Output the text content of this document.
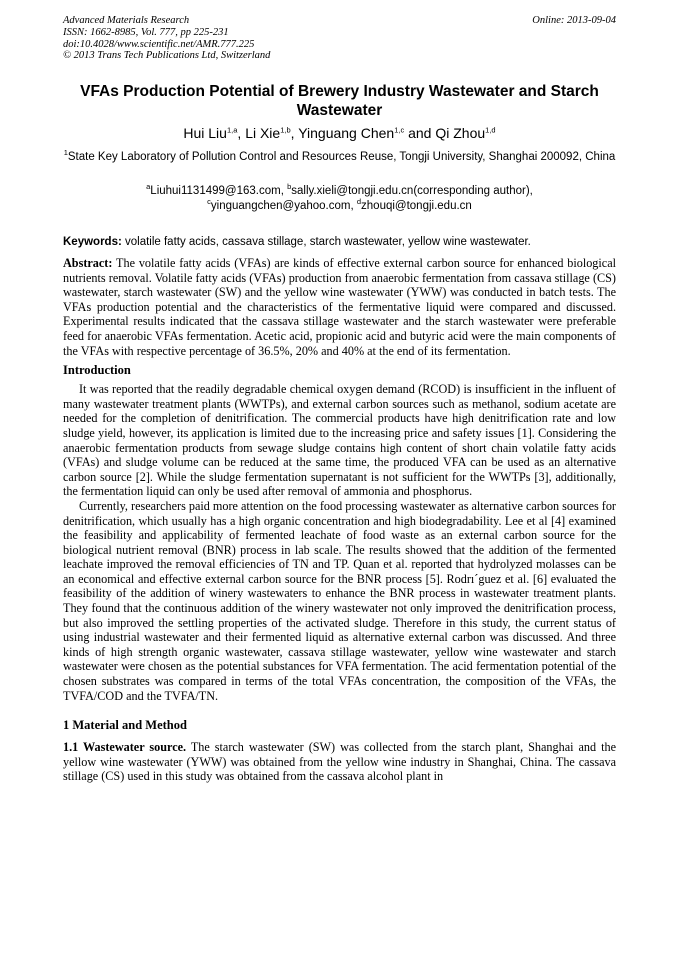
Advanced Materials Research
ISSN: 1662-8985, Vol. 777, pp 225-231
doi:10.4028/www.scientific.net/AMR.777.225
© 2013 Trans Tech Publications Ltd, Switzerland
Online: 2013-09-04
VFAs Production Potential of Brewery Industry Wastewater and Starch Wastewater
Hui Liu$^{1,a}$, Li Xie$^{1,b}$, Yinguang Chen$^{1,c}$ and Qi Zhou$^{1,d}$
$^1$State Key Laboratory of Pollution Control and Resources Reuse, Tongji University, Shanghai 200092, China
$^a$Liuhui1131499@163.com, $^b$sally.xieli@tongji.edu.cn(corresponding author),
$^c$yinguangchen@yahoo.com, $^d$zhouqi@tongji.edu.cn
Keywords: volatile fatty acids, cassava stillage, starch wastewater, yellow wine wastewater.

Abstract: The volatile fatty acids (VFAs) are kinds of effective external carbon source for enhanced biological nutrients removal. Volatile fatty acids (VFAs) production from anaerobic fermentation from cassava stillage (CS) wastewater, starch wastewater (SW) and the yellow wine wastewater (YWW) was conducted in batch tests. The VFAs production potential and the characteristics of the fermentative liquid were compared and discussed. Experimental results indicated that the cassava stillage wastewater and the starch wastewater were preferable feed for anaerobic VFAs fermentation. Acetic acid, propionic acid and butyric acid were the main components of the VFAs with respective percentage of 36.5%, 20% and 40% at the end of its fermentation.

Introduction

It was reported that the readily degradable chemical oxygen demand (RCOD) is insufficient in the influent of many wastewater treatment plants (WWTPs), and external carbon sources such as methanol, sodium acetate are needed for the completion of denitrification. The commercial products have high denitrification rate and low sludge yield, however, its application is limited due to the increasing price and safety issues [1]. Considering the anaerobic fermentation products from sewage sludge contains high content of short chain volatile fatty acids (VFAs) and sludge volume can be reduced at the same time, the produced VFA can be used as an alternative carbon source [2]. While the sludge fermentation supernatant is not sufficient for the WWTPs [3], additionally, the fermentation liquid can only be used after removal of ammonia and phosphorus.

Currently, researchers paid more attention on the food processing wastewater as alternative carbon sources for denitrification, which usually has a high organic concentration and high biodegradability. Lee et al [4] examined the feasibility and applicability of fermented leachate of food waste as an external carbon source for the biological nutrient removal (BNR) process in lab scale. The results showed that the addition of the fermented leachate improved the removal efficiencies of TN and TP. Quan et al. reported that hydrolyzed molasses can be an economical and effective external carbon source for the BNR process [5]. Rodrı´guez et al. [6] evaluated the feasibility of the addition of winery wastewaters to enhance the BNR process in wastewater treatment plants. They found that the continuous addition of the winery wastewater not only improved the denitrification process, but also improved the settling properties of the activated sludge. Therefore in this study, the current status of using industrial wastewater and their fermented liquid as alternative external carbon was discussed. And three kinds of high strength organic wastewater, cassava stillage wastewater, yellow wine wastewater and starch wastewater were chosen as the potential substances for VFA fermentation. The acid fermentation potential of the chosen substrates was compared in terms of the total VFAs concentration, the composition of the VFAs, the TVFA/COD and the TVFA/TN.

1 Material and Method

1.1 Wastewater source. The starch wastewater (SW) was collected from the starch plant, Shanghai and the yellow wine wastewater (YWW) was obtained from the yellow wine industry in Shanghai, China. The cassava stillage (CS) used in this study was obtained from the cassava alcohol plant in
